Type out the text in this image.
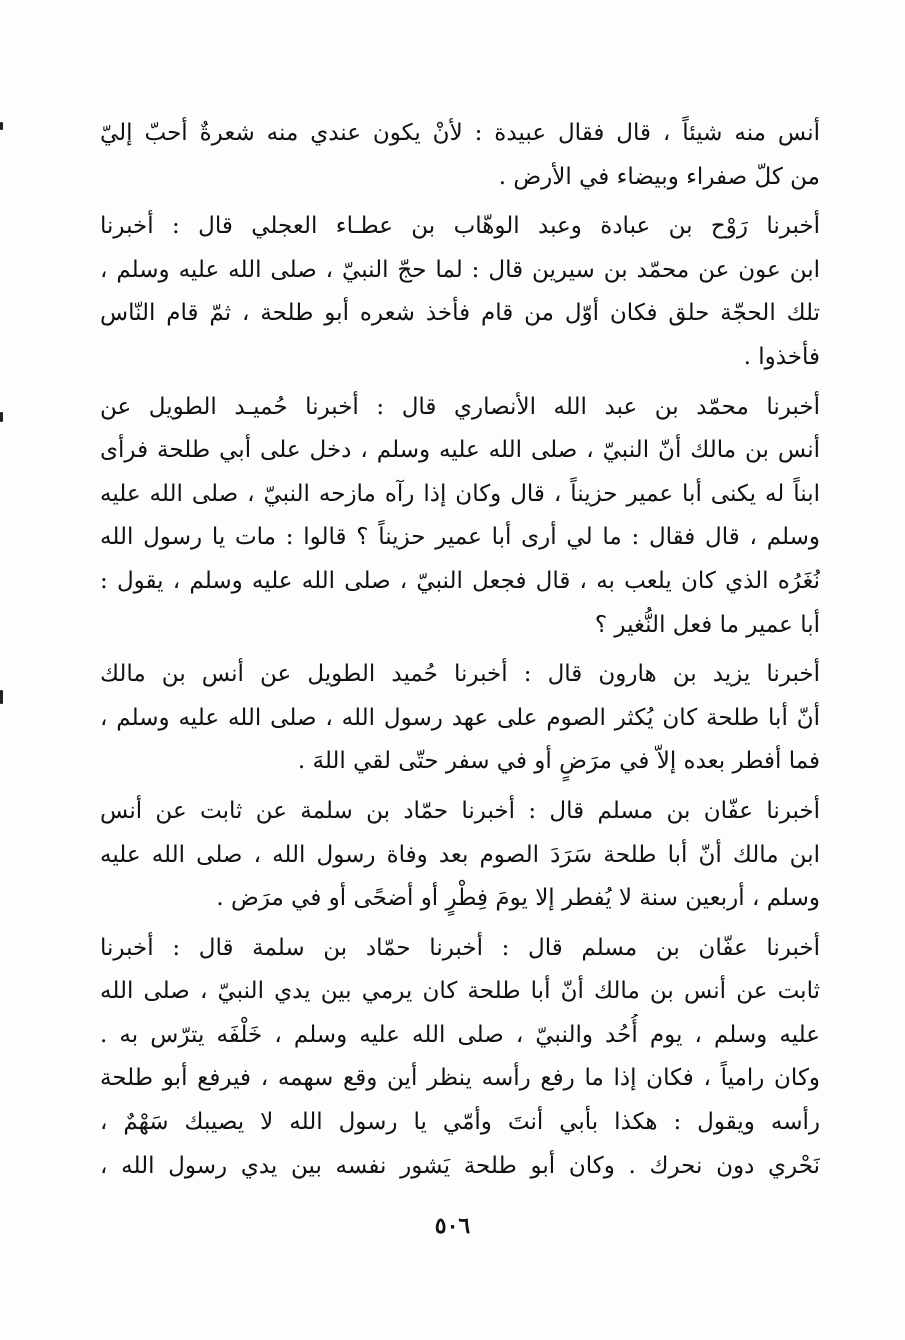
أنس منه شيئاً ، قال فقال عبيدة : لأنْ يكون عندي منه شعرةٌ أحبّ إليّ
من كلّ صفراء وبيضاء في الأرض .
أخبرنا رَوْح بن عبادة وعبد الوهّاب بن عطـاء العجلي قال : أخبرنا
ابن عون عن محمّد بن سيرين قال : لما حجّ النبيّ ، صلى الله عليه وسلم ،
تلك الحجّة حلق فكان أوّل من قام فأخذ شعره أبو طلحة ، ثمّ قام النّاس
فأخذوا .
أخبرنا محمّد بن عبد الله الأنصاري قال : أخبرنا حُميـد الطويل عن
أنس بن مالك أنّ النبيّ ، صلى الله عليه وسلم ، دخل على أبي طلحة فرأى
ابناً له يكنى أبا عمير حزيناً ، قال وكان إذا رآه مازحه النبيّ ، صلى الله عليه
وسلم ، قال فقال : ما لي أرى أبا عمير حزيناً ؟ قالوا : مات يا رسول الله
نُغَرُه الذي كان يلعب به ، قال فجعل النبيّ ، صلى الله عليه وسلم ، يقول :
أبا عمير ما فعل النُّغير ؟
أخبرنا يزيد بن هارون قال : أخبرنا حُميد الطويل عن أنس بن مالك
أنّ أبا طلحة كان يُكثر الصوم على عهد رسول الله ، صلى الله عليه وسلم ،
فما أفطر بعده إلاّ في مرَضٍ أو في سفر حتّى لقي اللهَ .
أخبرنا عفّان بن مسلم قال : أخبرنا حمّاد بن سلمة عن ثابت عن أنس
ابن مالك أنّ أبا طلحة سَرَدَ الصوم بعد وفاة رسول الله ، صلى الله عليه
وسلم ، أربعين سنة لا يُفطر إلا يومَ فِطْرٍ أو أضحًى أو في مرَض .
أخبرنا عفّان بن مسلم قال : أخبرنا حمّاد بن سلمة قال : أخبرنا
ثابت عن أنس بن مالك أنّ أبا طلحة كان يرمي بين يدي النبيّ ، صلى الله
عليه وسلم ، يوم أُحُد والنبيّ ، صلى الله عليه وسلم ، خَلْفَه يترّس به .
وكان رامياً ، فكان إذا ما رفع رأسه ينظر أين وقع سهمه ، فيرفع أبو طلحة
رأسه ويقول : هكذا بأبي أنتَ وأمّي يا رسول الله لا يصيبك سَهْمٌ ،
نَحْري دون نحرك . وكان أبو طلحة يَشور نفسه بين يدي رسول الله ،
٥٠٦
